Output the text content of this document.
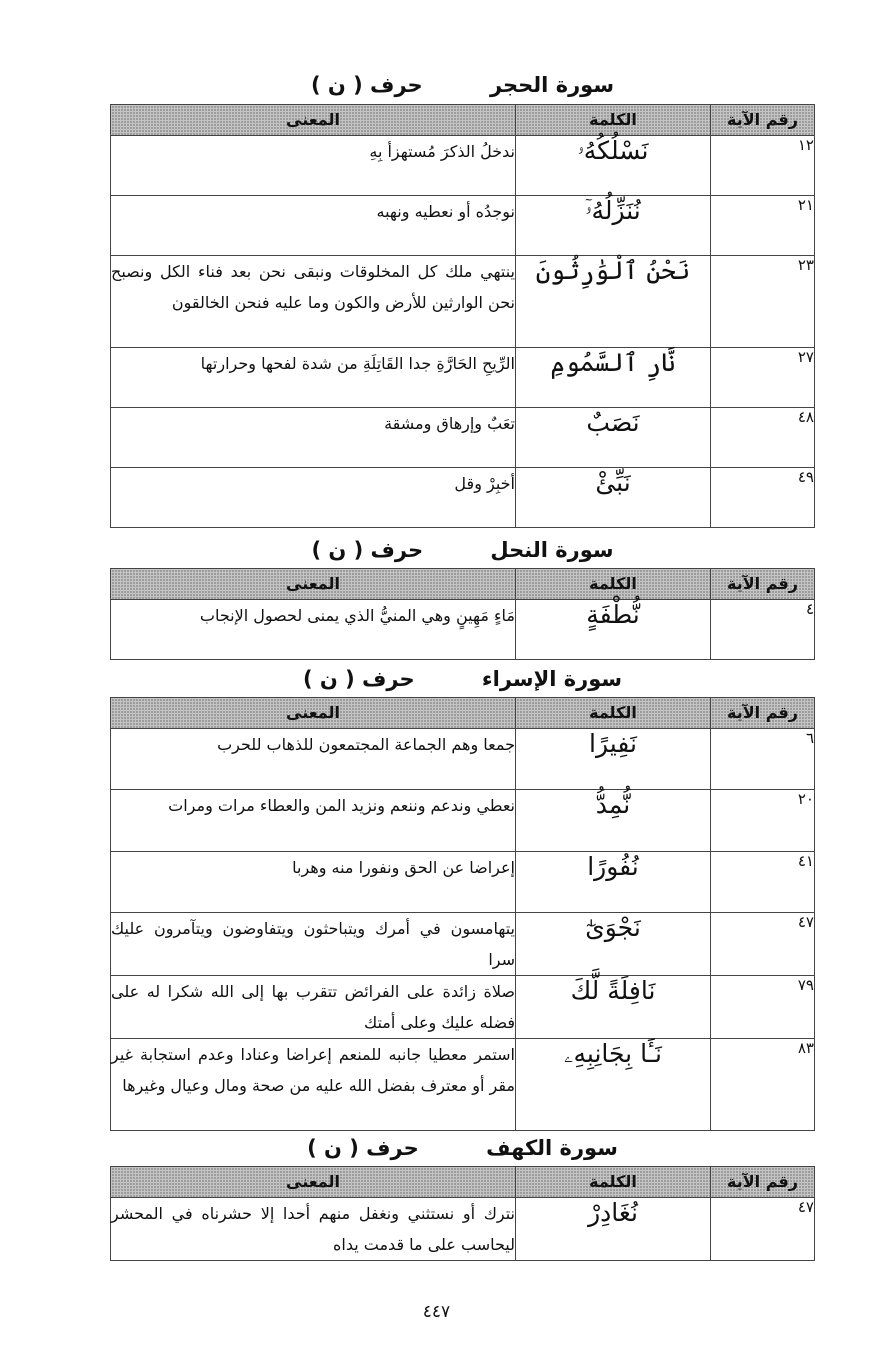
سورة الحجر حرف ( ن )
رقم الآية	الكلمة	المعنى
١٢	نَسْلُكُهُۥ	ندخلُ الذكرَ مُستهزأ بِهِ
٢١	نُنَزِّلُهُۥٓ	نوجدُه أو نعطيه ونهبه
٢٣	نَحْنُ ٱلْوَٰرِثُونَ	ينتهي ملك كل المخلوقات ونبقى نحن بعد فناء الكل ونصبح نحن الوارثين للأرض والكون وما عليه فنحن الخالقون
٢٧	نَّارِ ٱلسَّمُومِ	الرِّيحِ الحَارَّةِ جدا القَاتِلَةِ من شدة لفحها وحرارتها
٤٨	نَصَبٌ	تعَبٌ وإرهاق ومشقة
٤٩	نَبِّئْ	أخبِرْ وقل
سورة النحل حرف ( ن )
رقم الآية	الكلمة	المعنى
٤	نُّطْفَةٍ	مَاءٍ مَهِينٍ وهي المنيُّ الذي يمنى لحصول الإنجاب
سورة الإسراء حرف ( ن )
رقم الآية	الكلمة	المعنى
٦	نَفِيرًا	جمعا وهم الجماعة المجتمعون للذهاب للحرب
٢٠	نُّمِدُّ	نعطي وندعم وننعم ونزيد المن والعطاء مرات ومرات
٤١	نُفُورًا	إعراضا عن الحق ونفورا منه وهربا
٤٧	نَجْوَىٰٓ	يتهامسون في أمرك ويتباحثون ويتفاوضون ويتآمرون عليك سرا
٧٩	نَافِلَةً لَّكَ	صلاة زائدة على الفرائض تتقرب بها إلى الله شكرا له على فضله عليك وعلى أمتك
٨٣	نَـَٔا بِجَانِبِهِۦ	استمر معطيا جانبه للمنعم إعراضا وعنادا وعدم استجابة غير مقر أو معترف بفضل الله عليه من صحة ومال وعيال وغيرها
سورة الكهف حرف ( ن )
رقم الآية	الكلمة	المعنى
٤٧	نُغَادِرْ	نترك أو نستثني ونغفل منهم أحدا إلا حشرناه في المحشر ليحاسب على ما قدمت يداه
٤٤٧
